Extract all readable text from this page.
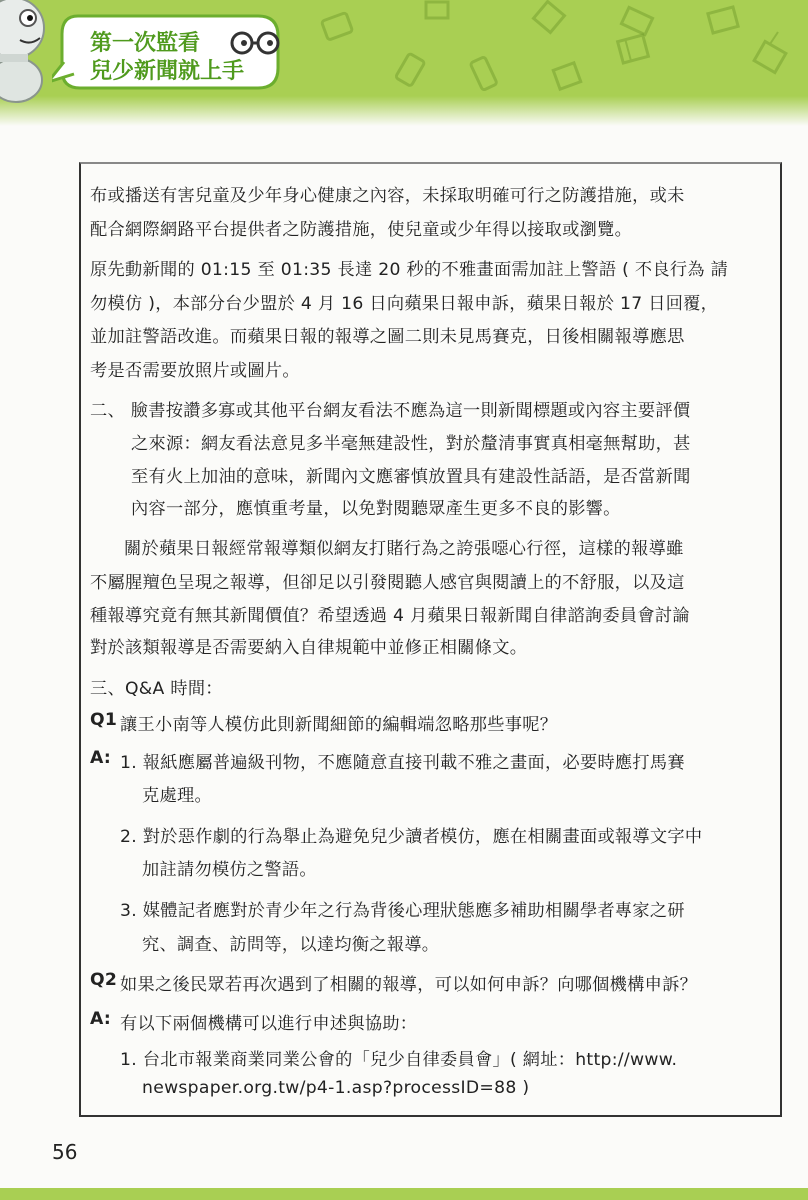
第一次監看
兒少新聞就上手
布或播送有害兒童及少年身心健康之內容，未採取明確可行之防護措施，或未
配合網際網路平台提供者之防護措施，使兒童或少年得以接取或瀏覽。
原先動新聞的 01:15 至 01:35 長達 20 秒的不雅畫面需加註上警語 ( 不良行為 請
勿模仿 )，本部分台少盟於 4 月 16 日向蘋果日報申訴，蘋果日報於 17 日回覆，
並加註警語改進。而蘋果日報的報導之圖二則未見馬賽克，日後相關報導應思
考是否需要放照片或圖片。
二、 臉書按讚多寡或其他平台網友看法不應為這一則新聞標題或內容主要評價
之來源：網友看法意見多半毫無建設性，對於釐清事實真相毫無幫助，甚
至有火上加油的意味，新聞內文應審慎放置具有建設性話語，是否當新聞
內容一部分，應慎重考量，以免對閱聽眾產生更多不良的影響。
關於蘋果日報經常報導類似網友打賭行為之誇張噁心行徑，這樣的報導雖
不屬腥羶色呈現之報導，但卻足以引發閱聽人感官與閱讀上的不舒服，以及這
種報導究竟有無其新聞價值？希望透過 4 月蘋果日報新聞自律諮詢委員會討論
對於該類報導是否需要納入自律規範中並修正相關條文。
三、Q&A 時間：
Q1 讓王小南等人模仿此則新聞細節的編輯端忽略那些事呢？
A: 1. 報紙應屬普遍級刊物，不應隨意直接刊載不雅之畫面，必要時應打馬賽
克處理。
2. 對於惡作劇的行為舉止為避免兒少讀者模仿，應在相關畫面或報導文字中
加註請勿模仿之警語。
3. 媒體記者應對於青少年之行為背後心理狀態應多補助相關學者專家之研
究、調查、訪問等，以達均衡之報導。
Q2 如果之後民眾若再次遇到了相關的報導，可以如何申訴？向哪個機構申訴？
A: 有以下兩個機構可以進行申述與協助：
1. 台北市報業商業同業公會的「兒少自律委員會」( 網址：http://www.
newspaper.org.tw/p4-1.asp?processID=88 )
56
